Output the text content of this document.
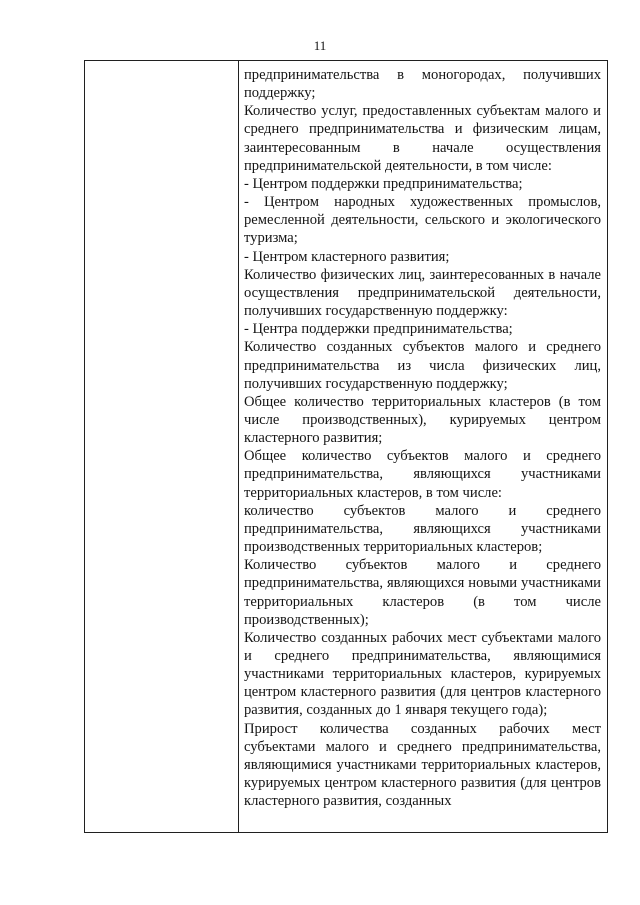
11

предпринимательства в моногородах, получивших поддержку;

Количество услуг, предоставленных субъектам малого и среднего предпринимательства и физическим лицам, заинтересованным в начале осуществления предпринимательской деятельности, в том числе:

- Центром поддержки предпринимательства;

- Центром народных художественных промыслов, ремесленной деятельности, сельского и экологического туризма;

- Центром кластерного развития;

Количество физических лиц, заинтересованных в начале осуществления предпринимательской деятельности, получивших государственную поддержку:

- Центра поддержки предпринимательства;

Количество созданных субъектов малого и среднего предпринимательства из числа физических лиц, получивших государственную поддержку;

Общее количество территориальных кластеров (в том числе производственных), курируемых центром кластерного развития;

Общее количество субъектов малого и среднего предпринимательства, являющихся участниками территориальных кластеров, в том числе:

количество субъектов малого и среднего предпринимательства, являющихся участниками производственных территориальных кластеров;

Количество субъектов малого и среднего предпринимательства, являющихся новыми участниками территориальных кластеров (в том числе производственных);

Количество созданных рабочих мест субъектами малого и среднего предпринимательства, являющимися участниками территориальных кластеров, курируемых центром кластерного развития (для центров кластерного развития, созданных до 1 января текущего года);

Прирост количества созданных рабочих мест субъектами малого и среднего предпринимательства, являющимися участниками территориальных кластеров, курируемых центром кластерного развития (для центров кластерного развития, созданных
